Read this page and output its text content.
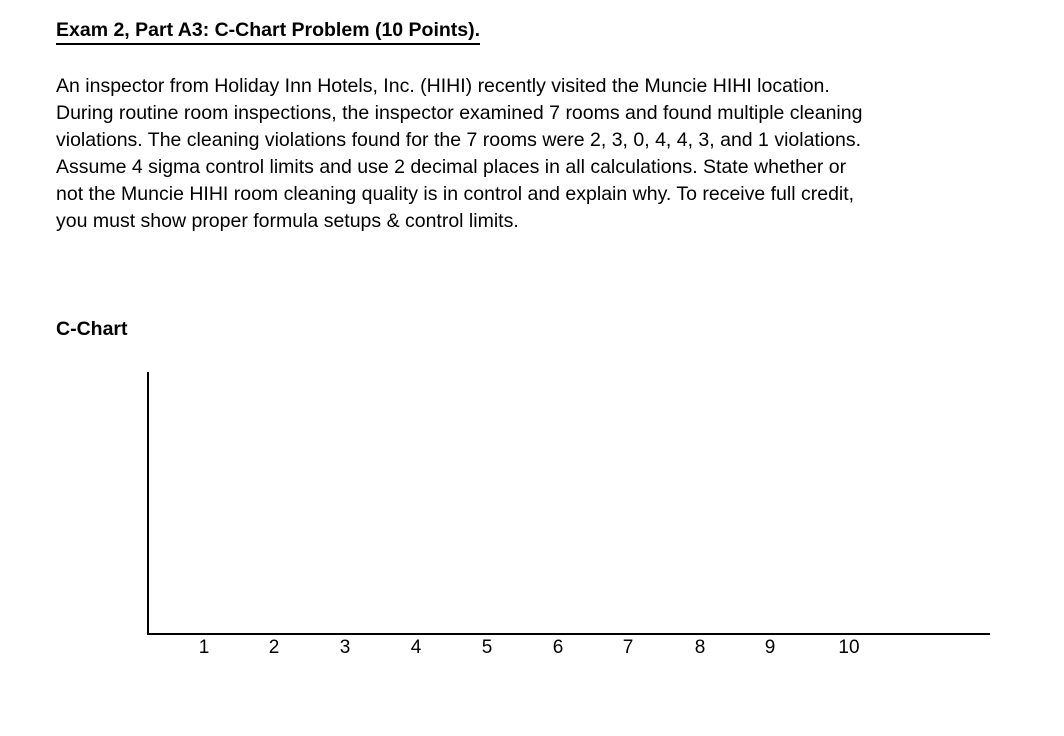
Exam 2, Part A3: C-Chart Problem (10 Points).
An inspector from Holiday Inn Hotels, Inc. (HIHI) recently visited the Muncie HIHI location.
During routine room inspections, the inspector examined 7 rooms and found multiple cleaning
violations. The cleaning violations found for the 7 rooms were 2, 3, 0, 4, 4, 3, and 1 violations.
Assume 4 sigma control limits and use 2 decimal places in all calculations. State whether or
not the Muncie HIHI room cleaning quality is in control and explain why. To receive full credit,
you must show proper formula setups & control limits.
C-Chart
1	2	3	4	5	6	7	8	9	10
